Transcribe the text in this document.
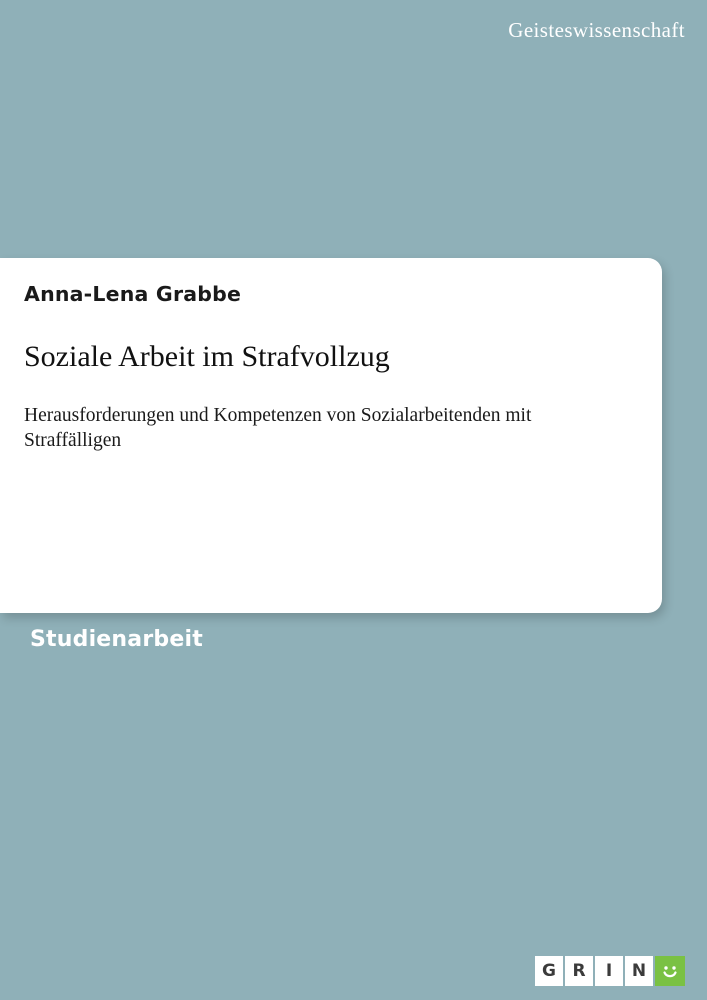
Geisteswissenschaft
Anna-Lena Grabbe
Soziale Arbeit im Strafvollzug
Herausforderungen und Kompetenzen von Sozialarbeitenden mit Straffälligen
Studienarbeit
G R	I	N
